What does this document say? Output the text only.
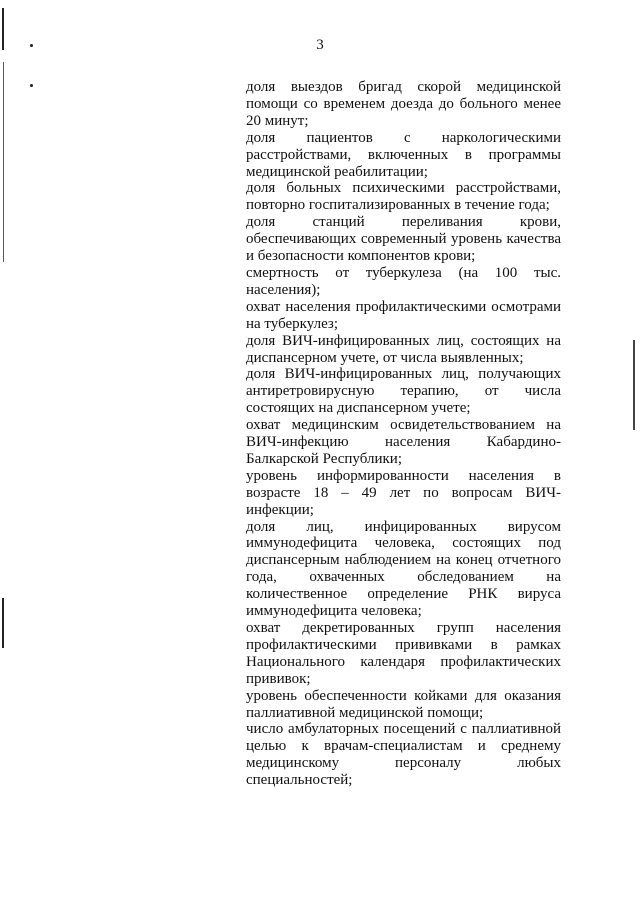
3
доля выездов бригад скорой медицинской помощи со временем доезда до больного менее 20 минут;
доля пациентов с наркологическими расстройствами, включенных в программы медицинской реабилитации;
доля больных психическими расстройствами, повторно госпитализированных в течение года;
доля станций переливания крови, обеспечивающих современный уровень качества и безопасности компонентов крови;
смертность от туберкулеза (на 100 тыс. населения);
охват населения профилактическими осмотрами на туберкулез;
доля ВИЧ-инфицированных лиц, состоящих на диспансерном учете, от числа выявленных;
доля ВИЧ-инфицированных лиц, получающих антиретровирусную терапию, от числа состоящих на диспансерном учете;
охват медицинским освидетельствованием на ВИЧ-инфекцию населения Кабардино-Балкарской Республики;
уровень информированности населения в возрасте 18 – 49 лет по вопросам ВИЧ-инфекции;
доля лиц, инфицированных вирусом иммунодефицита человека, состоящих под диспансерным наблюдением на конец отчетного года, охваченных обследованием на количественное определение РНК вируса иммунодефицита человека;
охват декретированных групп населения профилактическими прививками в рамках Национального календаря профилактических прививок;
уровень обеспеченности койками для оказания паллиативной медицинской помощи;
число амбулаторных посещений с паллиативной целью к врачам-специалистам и среднему медицинскому персоналу любых специальностей;
